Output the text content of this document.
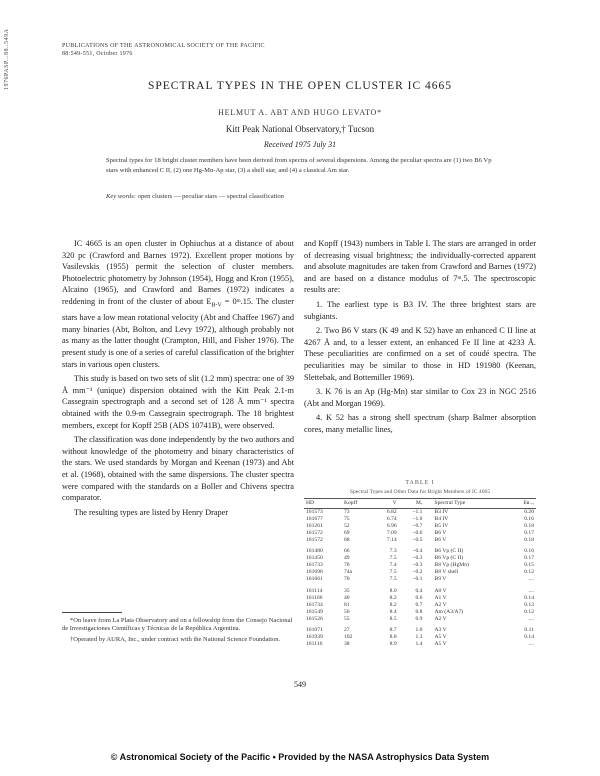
1976PASP...88..549A	PUBLICATIONS OF THE ASTRONOMICAL SOCIETY OF THE PACIFIC
88:549-551, October 1976
SPECTRAL TYPES IN THE OPEN CLUSTER IC 4665
HELMUT A. ABT AND HUGO LEVATO*
Kitt Peak National Observatory,† Tucson
Received 1975 July 31
Spectral types for 18 bright cluster members have been derived from spectra of several dispersions. Among the peculiar spectra are (1) two B6 Vp stars with enhanced C II, (2) one Hg-Mn-Ap star, (3) a shell star, and (4) a classical Am star.
Key words: open clusters — peculiar stars — spectral classification

IC 4665 is an open cluster in Ophiuchus at a distance of about 320 pc (Crawford and Barnes 1972). Excellent proper motions by Vasilevskis (1955) permit the selection of cluster members. Photoelectric photometry by Johnson (1954), Hogg and Kron (1955), Alcaino (1965), and Crawford and Barnes (1972) indicates a reddening in front of the cluster of about $E_{B-V}$ = 0ᵐ.15. The cluster stars have a low mean rotational velocity (Abt and Chaffee 1967) and many binaries (Abt, Bolton, and Levy 1972), although probably not as many as the latter thought (Crampton, Hill, and Fisher 1976). The present study is one of a series of careful classification of the brighter stars in various open clusters.

This study is based on two sets of slit (1.2 mm) spectra: one of 39 Å mm⁻¹ (unique) dispersion obtained with the Kitt Peak 2.1-m Cassegrain spectrograph and a second set of 128 Å mm⁻¹ spectra obtained with the 0.9-m Cassegrain spectrograph. The 18 brightest members, except for Kopff 25B (ADS 10741B), were observed.

The classification was done independently by the two authors and without knowledge of the photometry and binary characteristics of the stars. We used standards by Morgan and Keenan (1973) and Abt et al. (1968), obtained with the same dispersions. The cluster spectra were compared with the standards on a Boller and Chivens spectra comparator.

The resulting types are listed by Henry Draper

*On leave from La Plata Observatory and on a fellowship from the Consejo Nacional de Investigaciones Científicas y Técnicas de la República Argentina.

†Operated by AURA, Inc., under contract with the National Science Foundation.

and Kopff (1943) numbers in Table I. The stars are arranged in order of decreasing visual brightness; the individually-corrected apparent and absolute magnitudes are taken from Crawford and Barnes (1972) and are based on a distance modulus of 7ᵐ.5. The spectroscopic results are:

1. The earliest type is B3 IV. The three brightest stars are subgiants.

2. Two B6 V stars (K 49 and K 52) have an enhanced C II line at 4267 Å and, to a lesser extent, an enhanced Fe II line at 4233 Å. These peculiarities are confirmed on a set of coudé spectra. The peculiarities may be similar to those in HD 191980 (Keenan, Slettebak, and Bottemiller 1969).

3. K 76 is an Ap (Hg-Mn) star similar to Cox 23 in NGC 2516 (Abt and Morgan 1969).

4. K 52 has a strong shell spectrum (sharp Balmer absorption cores, many metallic lines,

TABLE I
Spectral Types and Other Data for Bright Members of IC 4665
HD	Kopff	V	Mᵥ	Spectral Type	Eʙ₋ᵥ
161573	73	6.82	−1.1	B3 IV	0.20
161677	75	6.74	−1.0	B4 IV	0.16
161261	52	6.96	−0.7	B5 IV	0.18
161572	69	7.09	−0.6	B6 V	0.17
161572	68	7.14	−0.5	B6 V	0.18

161480	66	7.3	−0.4	B6 Vp (C II)	0.16
161450	49	7.5	−0.3	B6 Vp (C II)	0.17
161733	76	7.4	−0.3	B8 Vp (HgMn)	0.15
161698	74a	7.5	−0.2	B8 V shell	0.12
161661	70	7.5	−0.1	B9 V	....

161114	35	8.0	0.4	A0 V	....
161166	40	8.2	0.6	A1 V	0.14
161734	81	8.2	0.7	A2 V	0.13
161549	56	8.4	0.8	Am (A3/A7)	0.12
161526	55	8.5	0.9	A2 V	....

161071	27	8.7	1.0	A3 V	0.11
161939	102	8.8	1.3	A5 V	0.14
161116	38	8.9	1.4	A5 V	....
549
© Astronomical Society of the Pacific • Provided by the NASA Astrophysics Data System
